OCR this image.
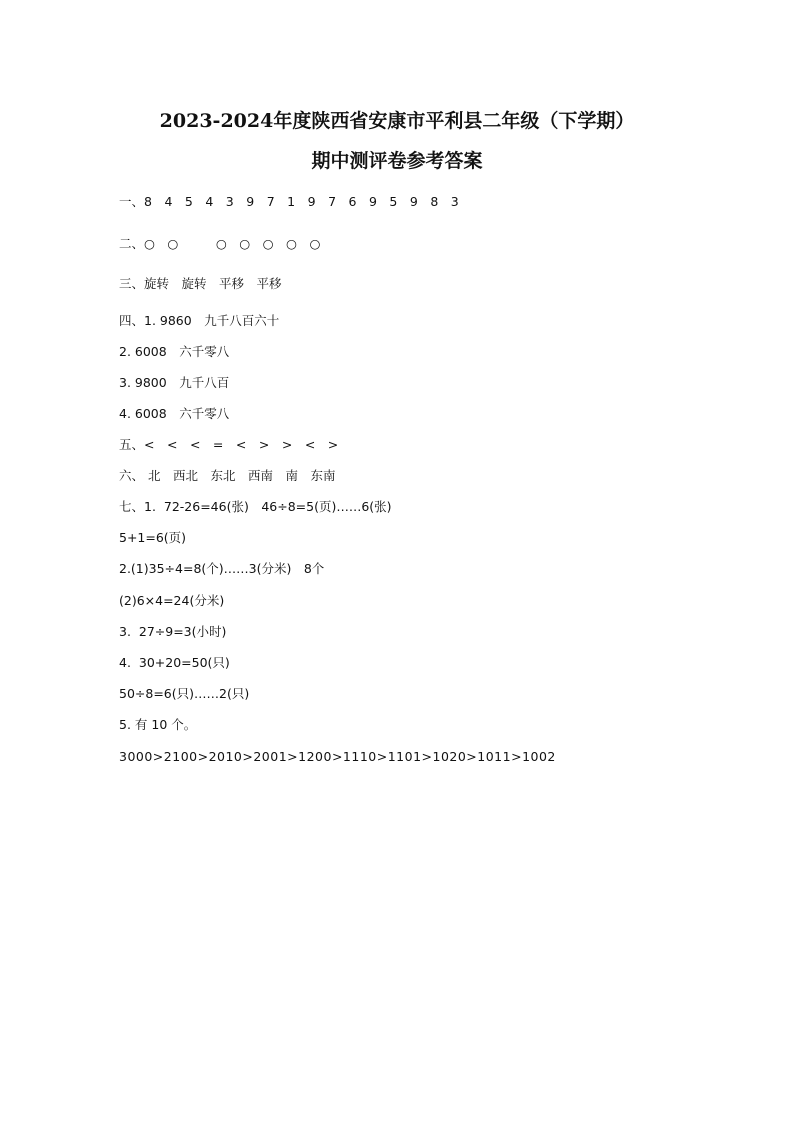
2023-2024年度陕西省安康市平利县二年级（下学期）
期中测评卷参考答案
一、8　4　5　4　3　9　7　1　9　7　6　9　5　9　8　3
二、○　○　　　○　○　○　○　○
三、旋转　旋转　平移　平移
四、1. 9860　九千八百六十
2. 6008　六千零八
3. 9800　九千八百
4. 6008　六千零八
五、<　<　<　=　<　>　>　<　>
六、 北　西北　东北　西南　南　东南
七、1.  72-26=46(张)　46÷8=5(页)……6(张)
5+1=6(页)
2.(1)35÷4=8(个)……3(分米)　8个
(2)6×4=24(分米)
3.  27÷9=3(小时)
4.  30+20=50(只)
50÷8=6(只)……2(只)
5. 有 10 个。
3000>2100>2010>2001>1200>1110>1101>1020>1011>1002
